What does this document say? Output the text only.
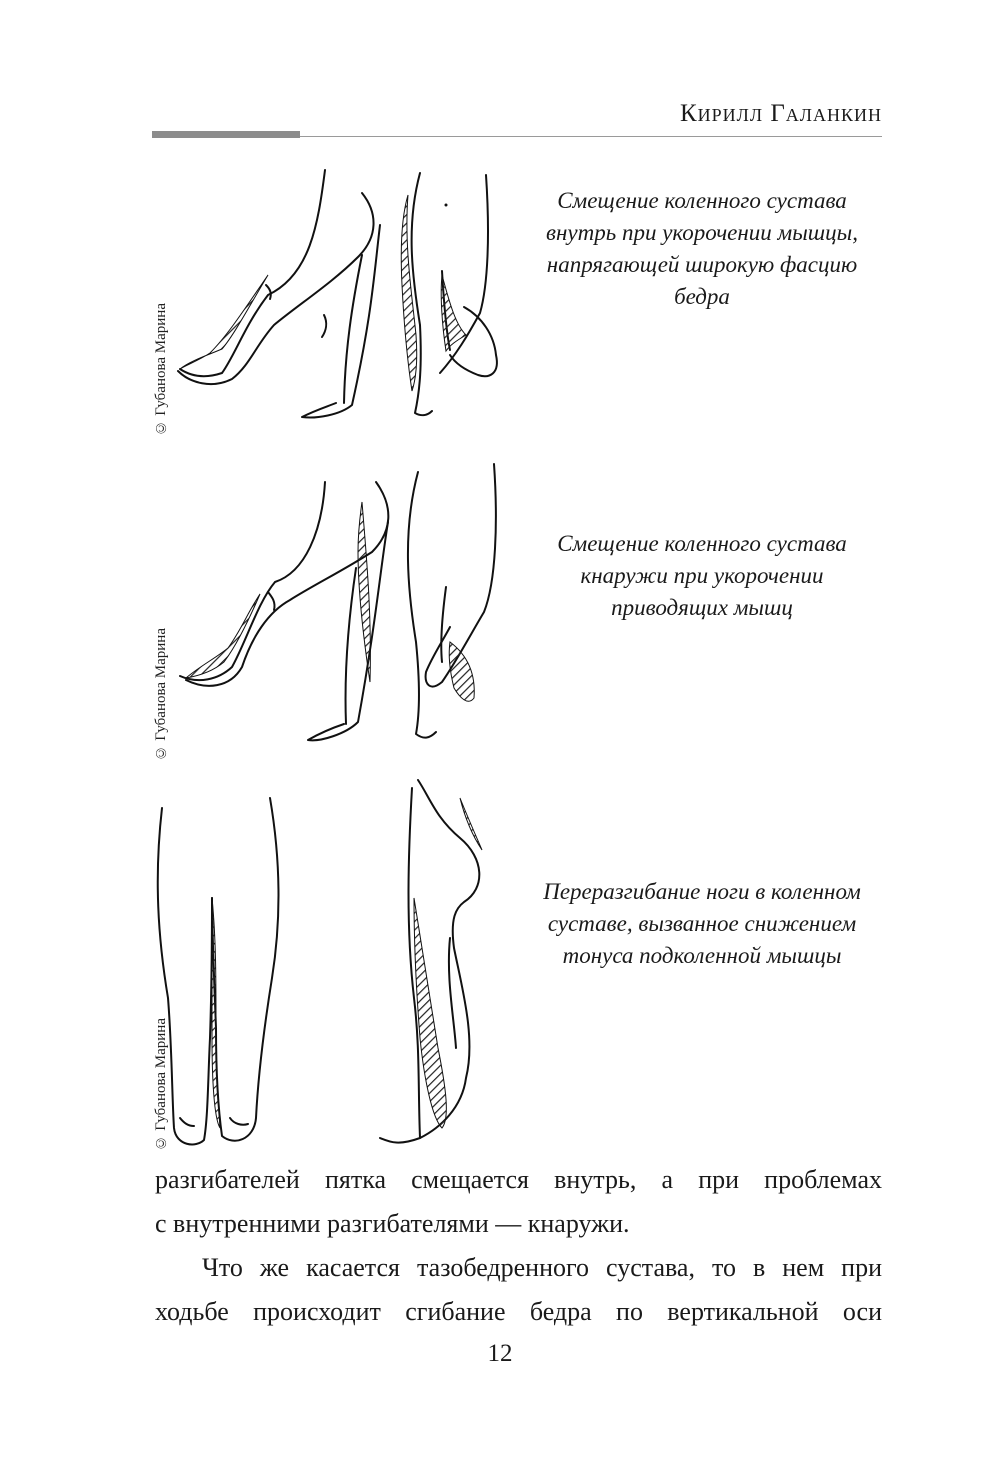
Кирилл Галанкин
© Губанова Марина
Смещение коленного сустава внутрь при укорочении мышцы, напрягающей широкую фасцию бедра
© Губанова Марина
Смещение коленного сустава кнаружи при укорочении приводящих мышц
© Губанова Марина
Переразгибание ноги в коленном суставе, вызванное снижением тонуса подколенной мышцы
разгибателей пятка смещается внутрь, а при проблемах
с внутренними разгибателями — кнаружи.
Что же касается тазобедренного сустава, то в нем при
ходьбе происходит сгибание бедра по вертикальной оси
12
